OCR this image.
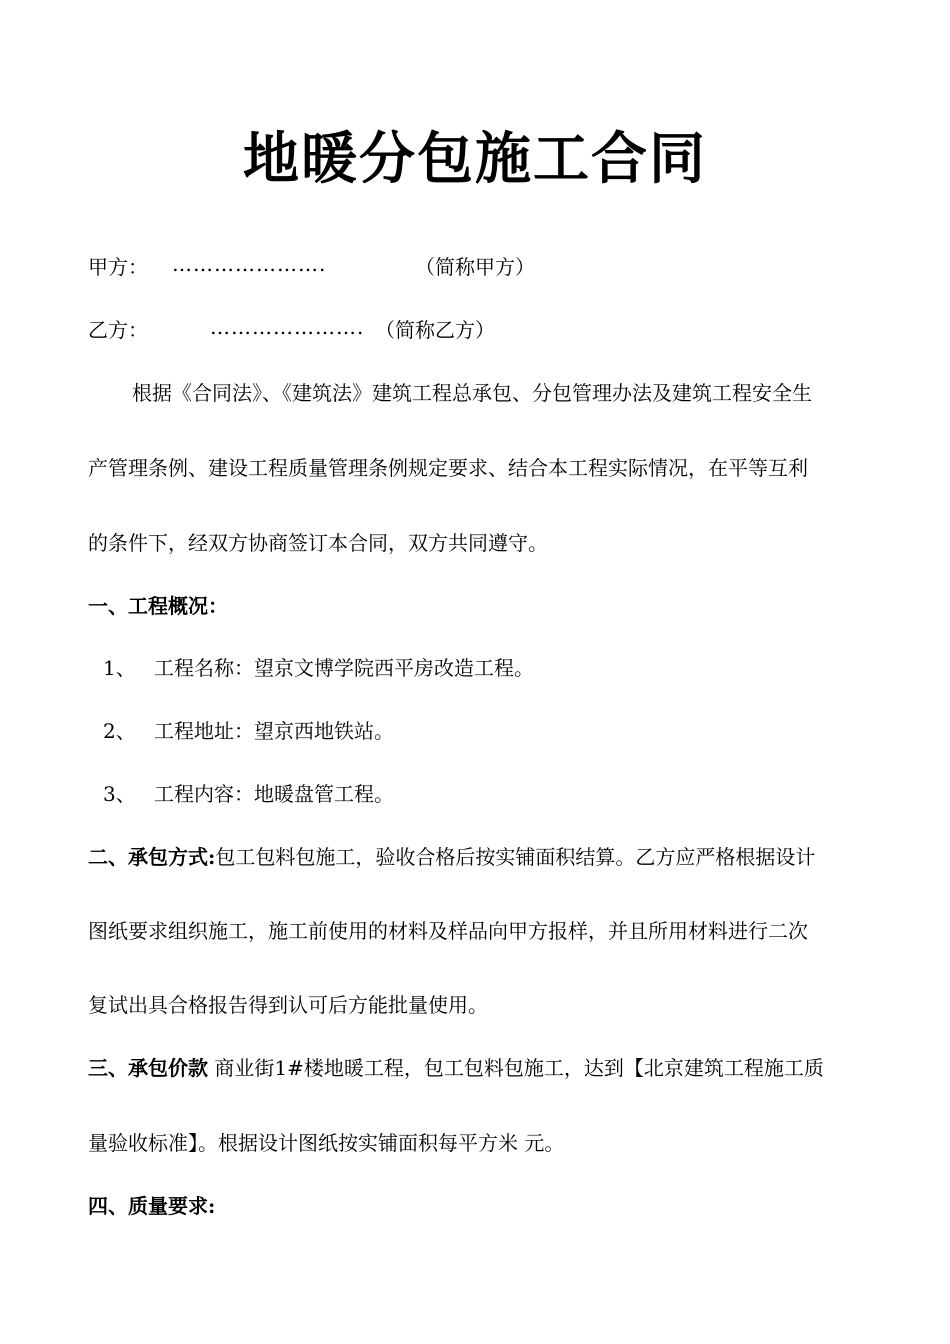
地暖分包施工合同
甲方： ………………….	（简称甲方）
乙方：	…………………. （简称乙方）
根据《合同法》、《建筑法》建筑工程总承包、分包管理办法及建筑工程安全生
产管理条例、建设工程质量管理条例规定要求、结合本工程实际情况，在平等互利
的条件下，经双方协商签订本合同，双方共同遵守。
一、工程概况：
1、 工程名称：望京文博学院西平房改造工程。
2、 工程地址：望京西地铁站。
3、 工程内容：地暖盘管工程。
二、承包方式:包工包料包施工，验收合格后按实铺面积结算。乙方应严格根据设计
图纸要求组织施工，施工前使用的材料及样品向甲方报样，并且所用材料进行二次
复试出具合格报告得到认可后方能批量使用。
三、承包价款 商业街1#楼地暖工程，包工包料包施工，达到【北京建筑工程施工质
量验收标准】。根据设计图纸按实铺面积每平方米 元。
四、质量要求:
